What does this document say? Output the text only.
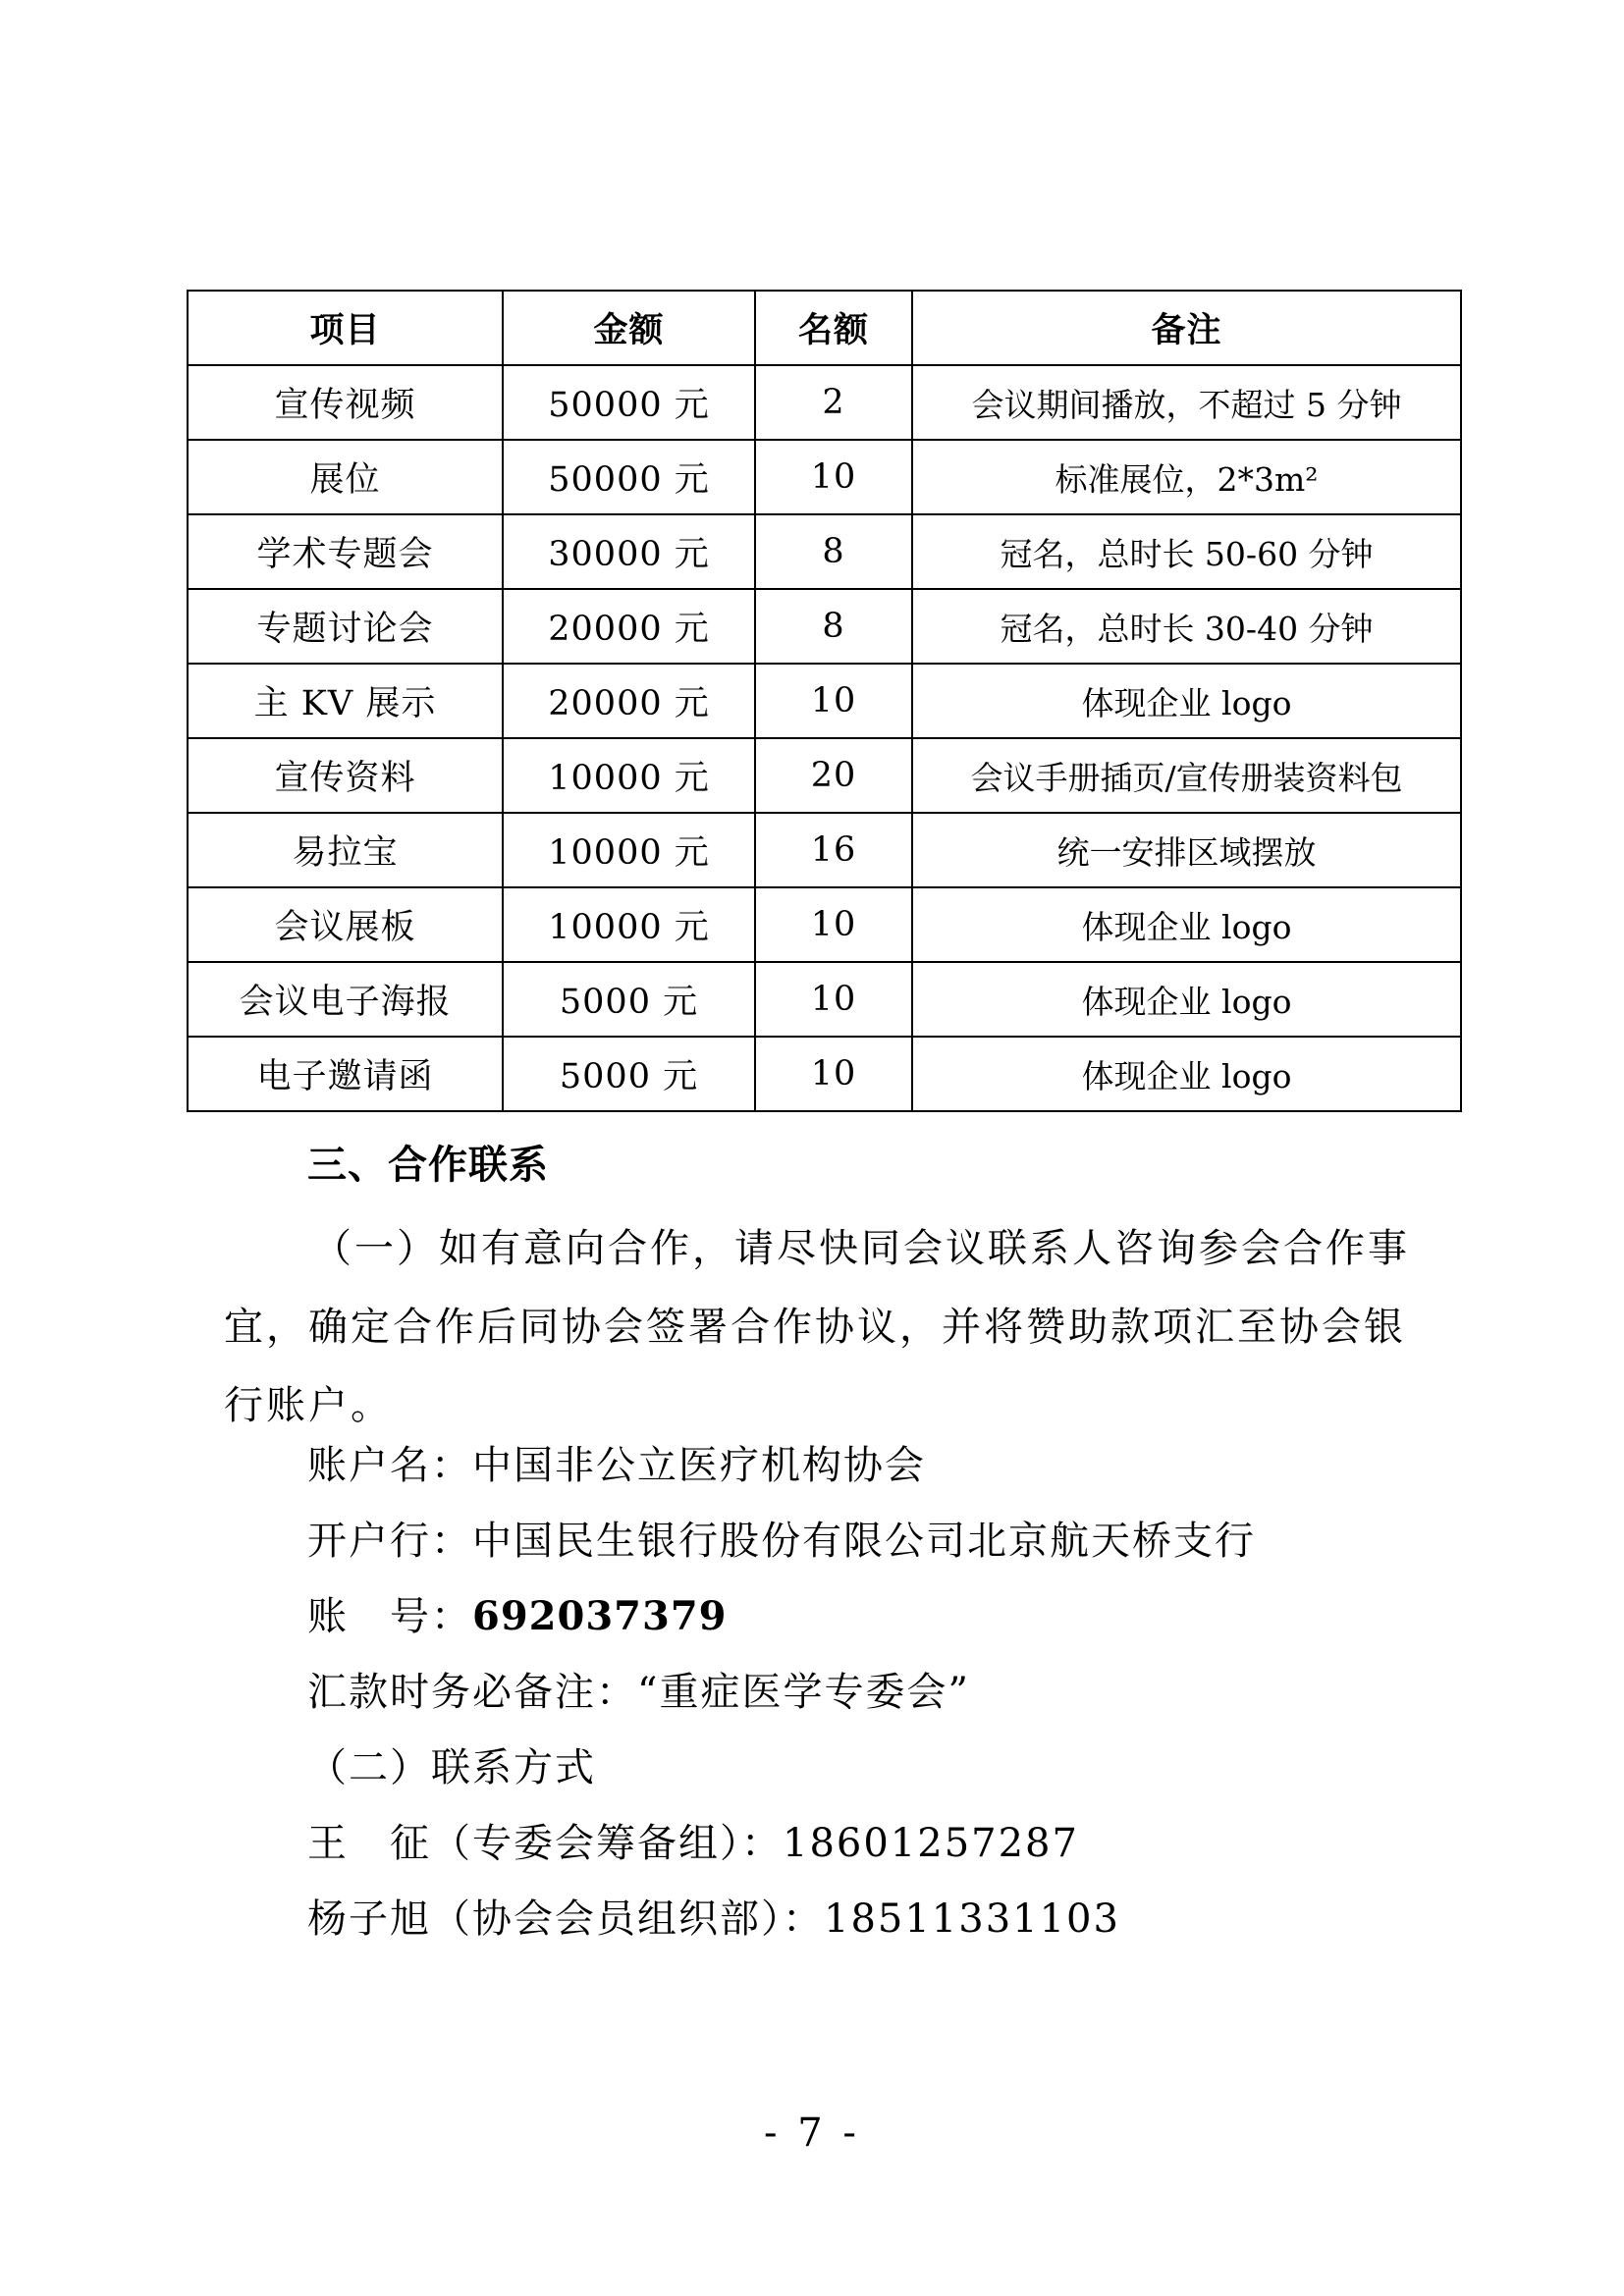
项目	金额	名额	备注
宣传视频	50000 元	2	会议期间播放，不超过 5 分钟
展位	50000 元	10	标准展位，2*3m²
学术专题会	30000 元	8	冠名，总时长 50-60 分钟
专题讨论会	20000 元	8	冠名，总时长 30-40 分钟
主 KV 展示	20000 元	10	体现企业 logo
宣传资料	10000 元	20	会议手册插页/宣传册装资料包
易拉宝	10000 元	16	统一安排区域摆放
会议展板	10000 元	10	体现企业 logo
会议电子海报	5000 元	10	体现企业 logo
电子邀请函	5000 元	10	体现企业 logo
三、合作联系
（一）如有意向合作，请尽快同会议联系人咨询参会合作事宜，确定合作后同协会签署合作协议，并将赞助款项汇至协会银行账户。
账户名：中国非公立医疗机构协会
开户行：中国民生银行股份有限公司北京航天桥支行
账　号：692037379
汇款时务必备注：“重症医学专委会”
（二）联系方式
王　征（专委会筹备组）：18601257287
杨子旭（协会会员组织部）：18511331103
- 7 -
